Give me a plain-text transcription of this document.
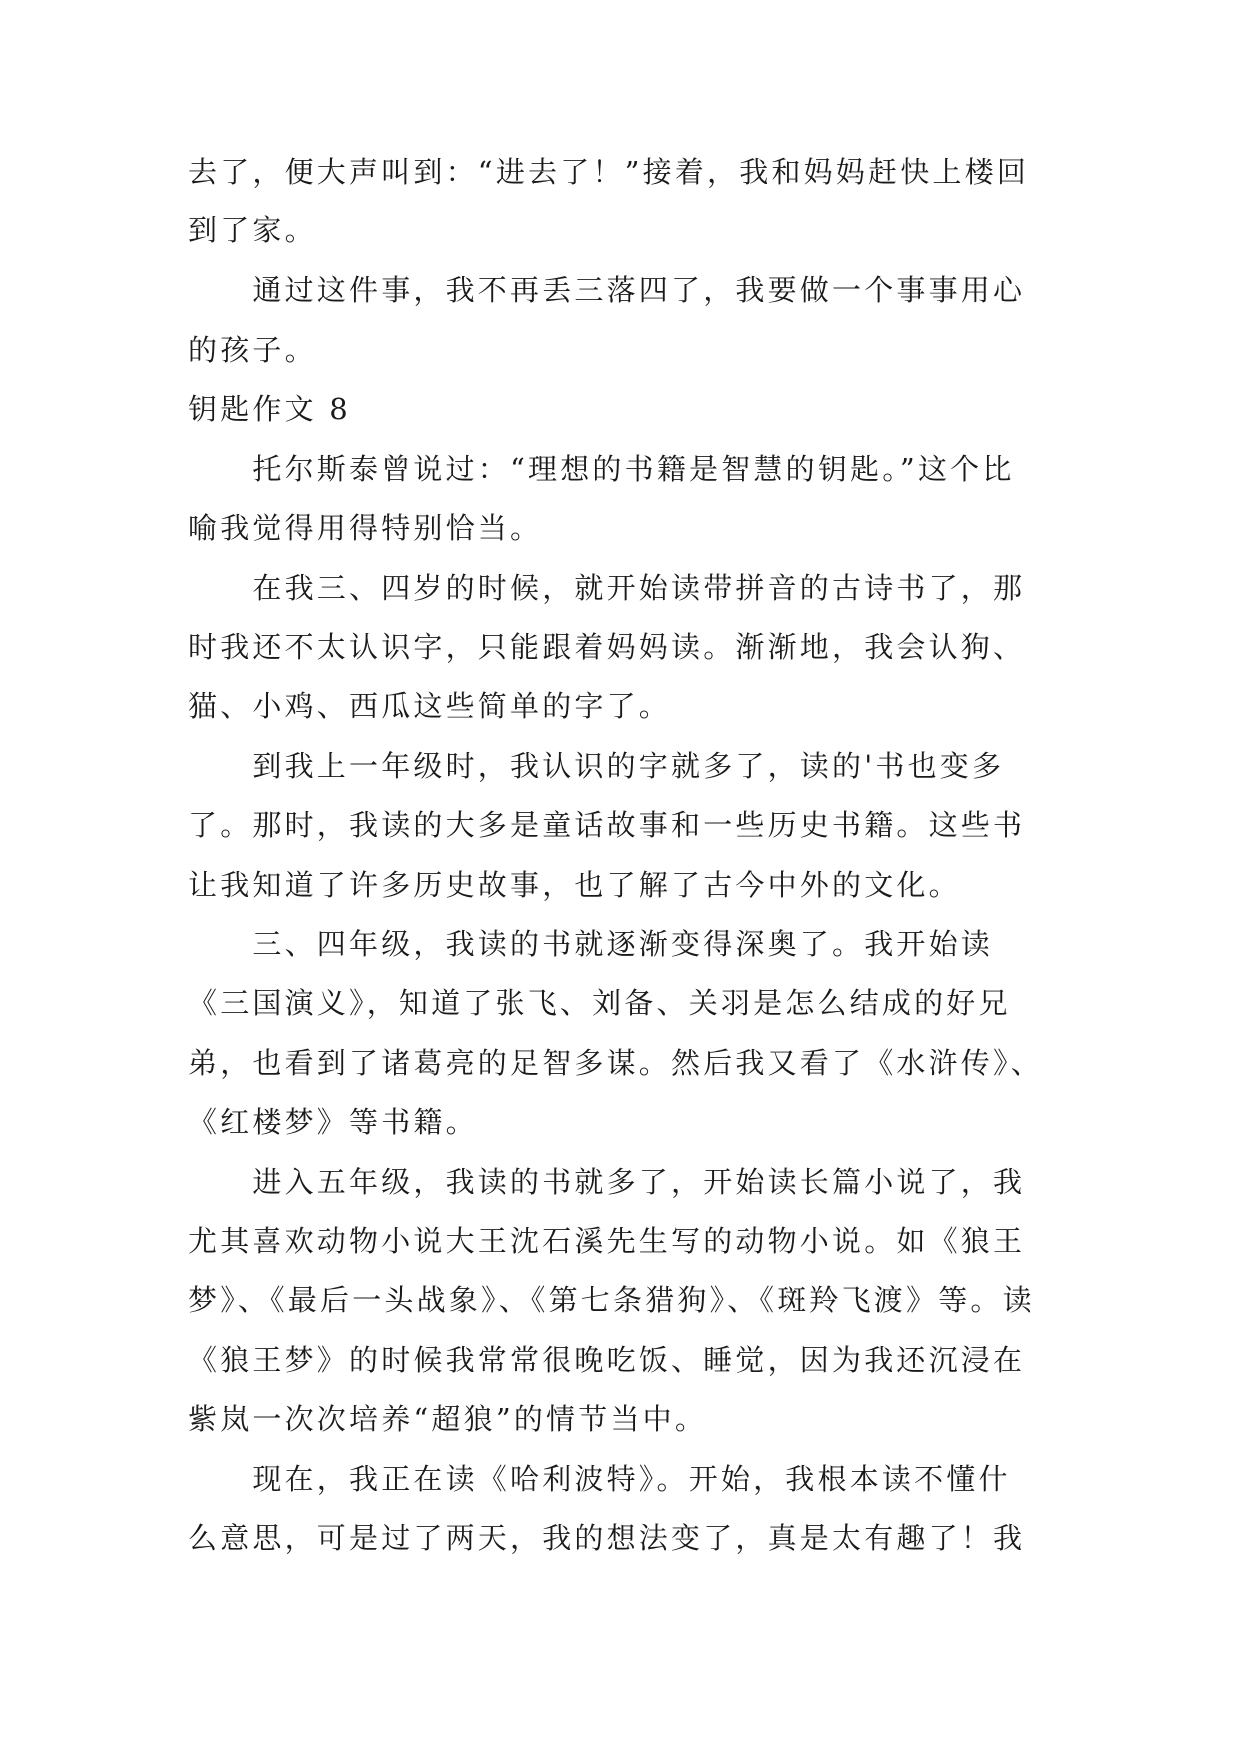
去了，便大声叫到：“进去了！”接着，我和妈妈赶快上楼回
到了家。
　　通过这件事，我不再丢三落四了，我要做一个事事用心
的孩子。
钥匙作文 8
　　托尔斯泰曾说过：“理想的书籍是智慧的钥匙。”这个比
喻我觉得用得特别恰当。
　　在我三、四岁的时候，就开始读带拼音的古诗书了，那
时我还不太认识字，只能跟着妈妈读。渐渐地，我会认狗、
猫、小鸡、西瓜这些简单的字了。
　　到我上一年级时，我认识的字就多了，读的'书也变多
了。那时，我读的大多是童话故事和一些历史书籍。这些书
让我知道了许多历史故事，也了解了古今中外的文化。
　　三、四年级，我读的书就逐渐变得深奥了。我开始读
《三国演义》，知道了张飞、刘备、关羽是怎么结成的好兄
弟，也看到了诸葛亮的足智多谋。然后我又看了《水浒传》、
《红楼梦》等书籍。
　　进入五年级，我读的书就多了，开始读长篇小说了，我
尤其喜欢动物小说大王沈石溪先生写的动物小说。如《狼王
梦》、《最后一头战象》、《第七条猎狗》、《斑羚飞渡》等。读
《狼王梦》的时候我常常很晚吃饭、睡觉，因为我还沉浸在
紫岚一次次培养“超狼”的情节当中。
　　现在，我正在读《哈利波特》。开始，我根本读不懂什
么意思，可是过了两天，我的想法变了，真是太有趣了！我
